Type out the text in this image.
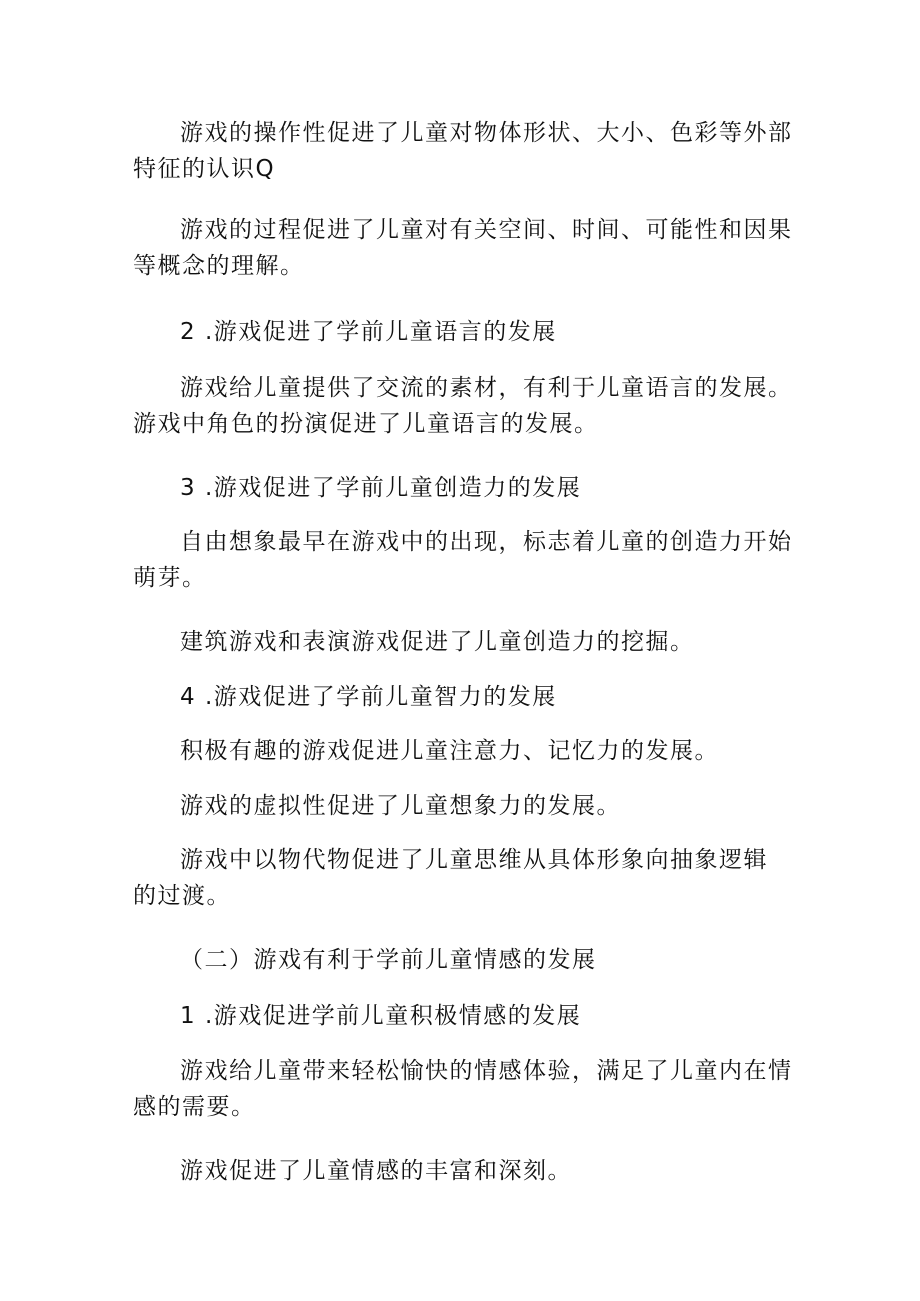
游戏的操作性促进了儿童对物体形状、大小、色彩等外部
特征的认识Q

游戏的过程促进了儿童对有关空间、时间、可能性和因果
等概念的理解。

2 .游戏促进了学前儿童语言的发展

游戏给儿童提供了交流的素材，有利于儿童语言的发展。
游戏中角色的扮演促进了儿童语言的发展。

3 .游戏促进了学前儿童创造力的发展

自由想象最早在游戏中的出现，标志着儿童的创造力开始
萌芽。

建筑游戏和表演游戏促进了儿童创造力的挖掘。

4 .游戏促进了学前儿童智力的发展

积极有趣的游戏促进儿童注意力、记忆力的发展。

游戏的虚拟性促进了儿童想象力的发展。

游戏中以物代物促进了儿童思维从具体形象向抽象逻辑
的过渡。

（二）游戏有利于学前儿童情感的发展

1 .游戏促进学前儿童积极情感的发展

游戏给儿童带来轻松愉快的情感体验，满足了儿童内在情
感的需要。

游戏促进了儿童情感的丰富和深刻。
